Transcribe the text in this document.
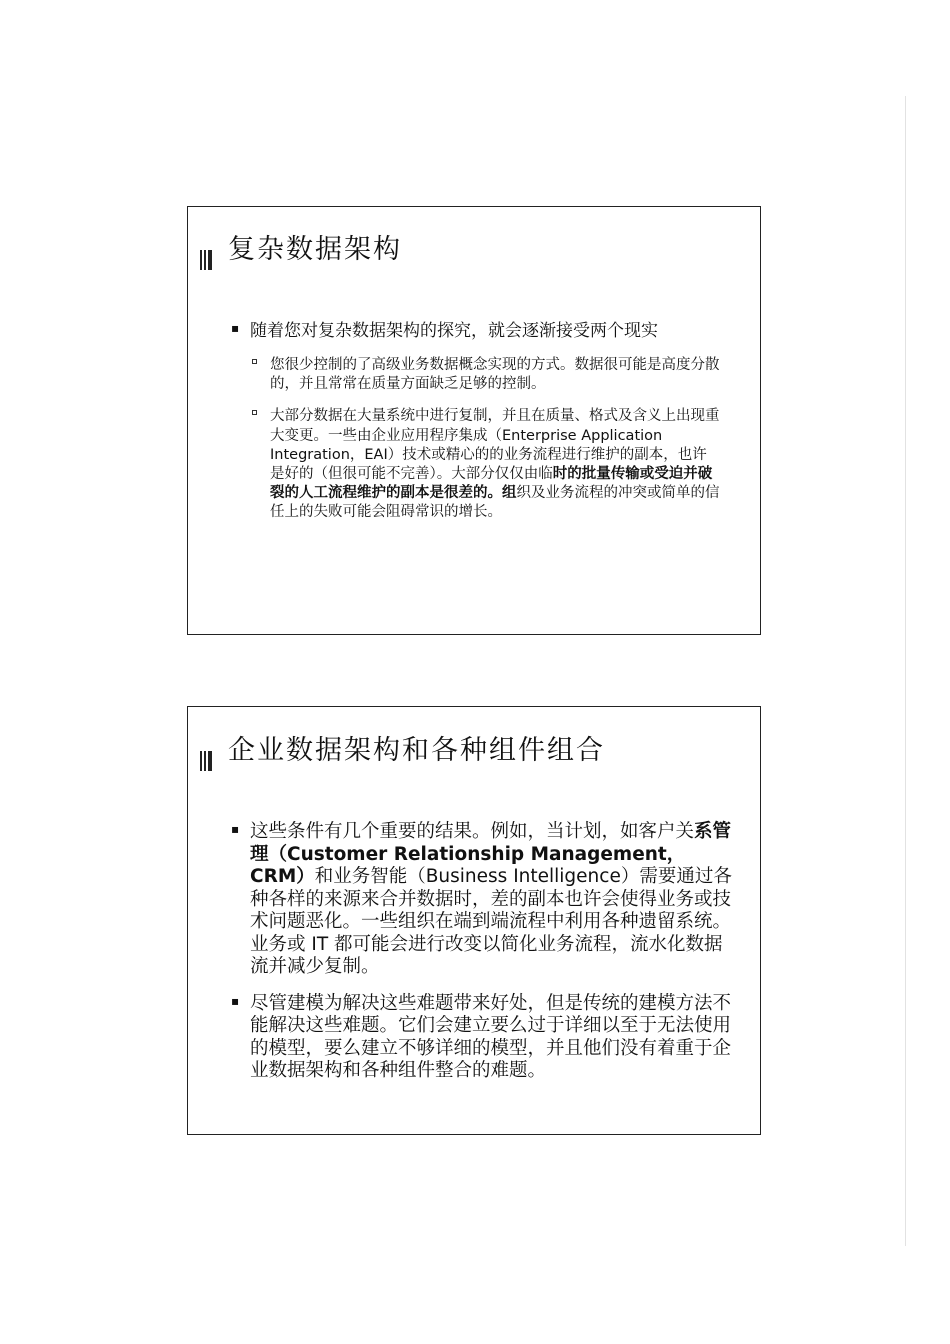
复杂数据架构
▪ 随着您对复杂数据架构的探究，就会逐渐接受两个现实
您很少控制的了高级业务数据概念实现的方式。数据很可能是高度分散的，并且常常在质量方面缺乏足够的控制。
大部分数据在大量系统中进行复制，并且在质量、格式及含义上出现重大变更。一些由企业应用程序集成（Enterprise Application Integration，EAI）技术或精心的的业务流程进行维护的副本，也许是好的（但很可能不完善）。大部分仅仅由临时的批量传输或受迫并破裂的人工流程维护的副本是很差的。组织及业务流程的冲突或简单的信任上的失败可能会阻碍常识的增长。
企业数据架构和各种组件组合
▪ 这些条件有几个重要的结果。例如，当计划，如客户关系管理（Customer Relationship Management，CRM）和业务智能（Business Intelligence）需要通过各种各样的来源来合并数据时，差的副本也许会使得业务或技术问题恶化。一些组织在端到端流程中利用各种遗留系统。业务或 IT 都可能会进行改变以简化业务流程，流水化数据流并减少复制。
▪ 尽管建模为解决这些难题带来好处，但是传统的建模方法不能解决这些难题。它们会建立要么过于详细以至于无法使用的模型，要么建立不够详细的模型，并且他们没有着重于企业数据架构和各种组件整合的难题。
